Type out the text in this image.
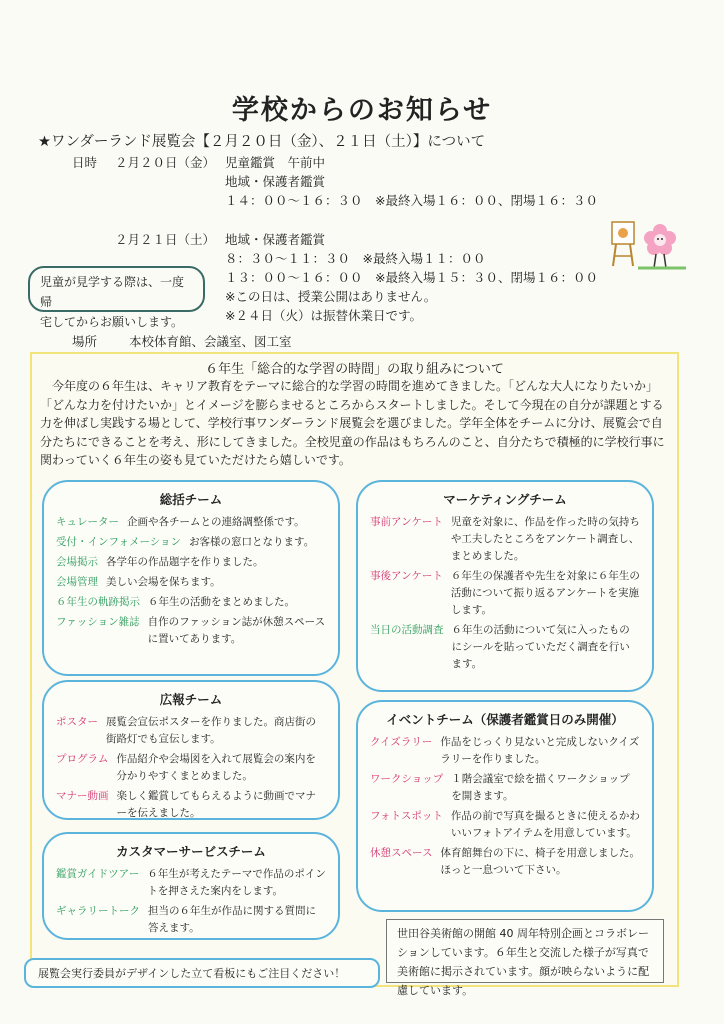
学校からのお知らせ
★ワンダーランド展覧会【２月２０日（金）、２１日（土）】について
日時 ２月２０日（金） 児童鑑賞　午前中
地域・保護者鑑賞
１４：００〜１６：３０　※最終入場１６：００、閉場１６：３０
２月２１日（土） 地域・保護者鑑賞
８：３０〜１１：３０　※最終入場１１：００
１３：００〜１６：００　※最終入場１５：３０、閉場１６：００
※この日は、授業公開はありません。
※２４日（火）は振替休業日です。
児童が見学する際は、一度帰
宅してからお願いします。
場所	本校体育館、会議室、図工室
６年生「総合的な学習の時間」の取り組みについて
今年度の６年生は、キャリア教育をテーマに総合的な学習の時間を進めてきました。「どんな大人になりたいか」「どんな力を付けたいか」とイメージを膨らませるところからスタートしました。そして今現在の自分が課題とする力を伸ばし実践する場として、学校行事ワンダーランド展覧会を選びました。学年全体をチームに分け、展覧会で自分たちにできることを考え、形にしてきました。全校児童の作品はもちろんのこと、自分たちで積極的に学校行事に関わっていく６年生の姿も見ていただけたら嬉しいです。
総括チーム
キュレーター 企画や各チームとの連絡調整係です。
受付・インフォメーション お客様の窓口となります。
会場掲示 各学年の作品題字を作りました。
会場管理 美しい会場を保ちます。
６年生の軌跡掲示 ６年生の活動をまとめました。
ファッション雑誌 自作のファッション誌が休憩スペースに置いてあります。
マーケティングチーム
事前アンケート 児童を対象に、作品を作った時の気持ちや工夫したところをアンケート調査し、まとめました。
事後アンケート ６年生の保護者や先生を対象に６年生の活動について振り返るアンケートを実施します。
当日の活動調査 ６年生の活動について気に入ったものにシールを貼っていただく調査を行います。
広報チーム
ポスター 展覧会宣伝ポスターを作りました。商店街の街路灯でも宣伝します。
プログラム 作品紹介や会場図を入れて展覧会の案内を分かりやすくまとめました。
マナー動画 楽しく鑑賞してもらえるように動画でマナーを伝えました。
イベントチーム（保護者鑑賞日のみ開催）
クイズラリー 作品をじっくり見ないと完成しないクイズラリーを作りました。
ワークショップ １階会議室で絵を描くワークショップを開きます。
フォトスポット 作品の前で写真を撮るときに使えるかわいいフォトアイテムを用意しています。
休憩スペース 体育館舞台の下に、椅子を用意しました。ほっと一息ついて下さい。
カスタマーサービスチーム
鑑賞ガイドツアー ６年生が考えたテーマで作品のポイントを押さえた案内をします。
ギャラリートーク 担当の６年生が作品に関する質問に答えます。	世田谷美術館の開館 40 周年特別企画とコラボレーションしています。６年生と交流した様子が写真で美術館に掲示されています。顔が映らないように配慮しています。
展覧会実行委員がデザインした立て看板にもご注目ください！
